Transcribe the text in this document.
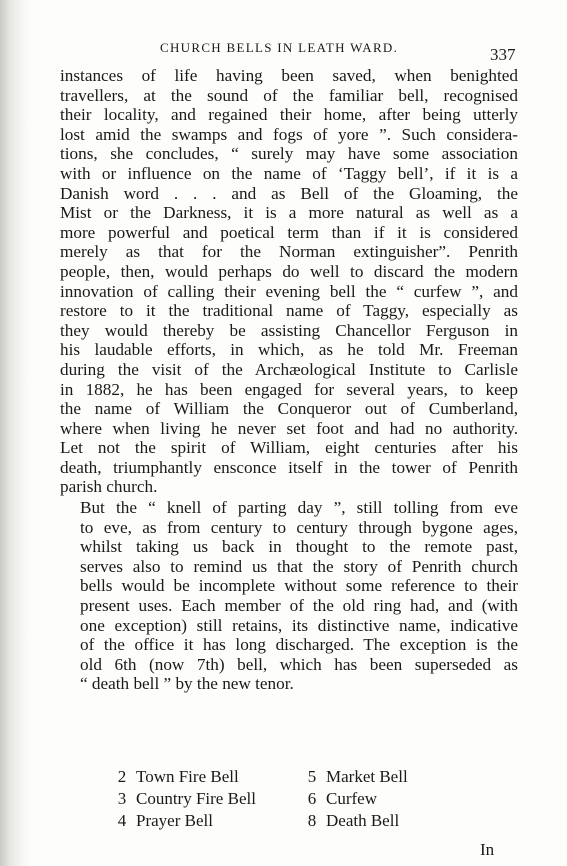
CHURCH BELLS IN LEATH WARD.	337

instances of life having been saved, when benighted
travellers, at the sound of the familiar bell, recognised
their locality, and regained their home, after being utterly
lost amid the swamps and fogs of yore ”. Such considera-
tions, she concludes, “ surely may have some association
with or influence on the name of ‘Taggy bell’, if it is a
Danish word . . . and as Bell of the Gloaming, the
Mist or the Darkness, it is a more natural as well as a
more powerful and poetical term than if it is considered
merely as that for the Norman extinguisher”. Penrith
people, then, would perhaps do well to discard the modern
innovation of calling their evening bell the “ curfew ”, and
restore to it the traditional name of Taggy, especially as
they would thereby be assisting Chancellor Ferguson in
his laudable efforts, in which, as he told Mr. Freeman
during the visit of the Archæological Institute to Carlisle
in 1882, he has been engaged for several years, to keep
the name of William the Conqueror out of Cumberland,
where when living he never set foot and had no authority.
Let not the spirit of William, eight centuries after his
death, triumphantly ensconce itself in the tower of Penrith
parish church.

But the “ knell of parting day ”, still tolling from eve
to eve, as from century to century through bygone ages,
whilst taking us back in thought to the remote past,
serves also to remind us that the story of Penrith church
bells would be incomplete without some reference to their
present uses. Each member of the old ring had, and (with
one exception) still retains, its distinctive name, indicative
of the office it has long discharged. The exception is the
old 6th (now 7th) bell, which has been superseded as
“ death bell ” by the new tenor.

2 Town Fire Bell	5 Market Bell
3 Country Fire Bell	6 Curfew
4 Prayer Bell	8 Death Bell
In
